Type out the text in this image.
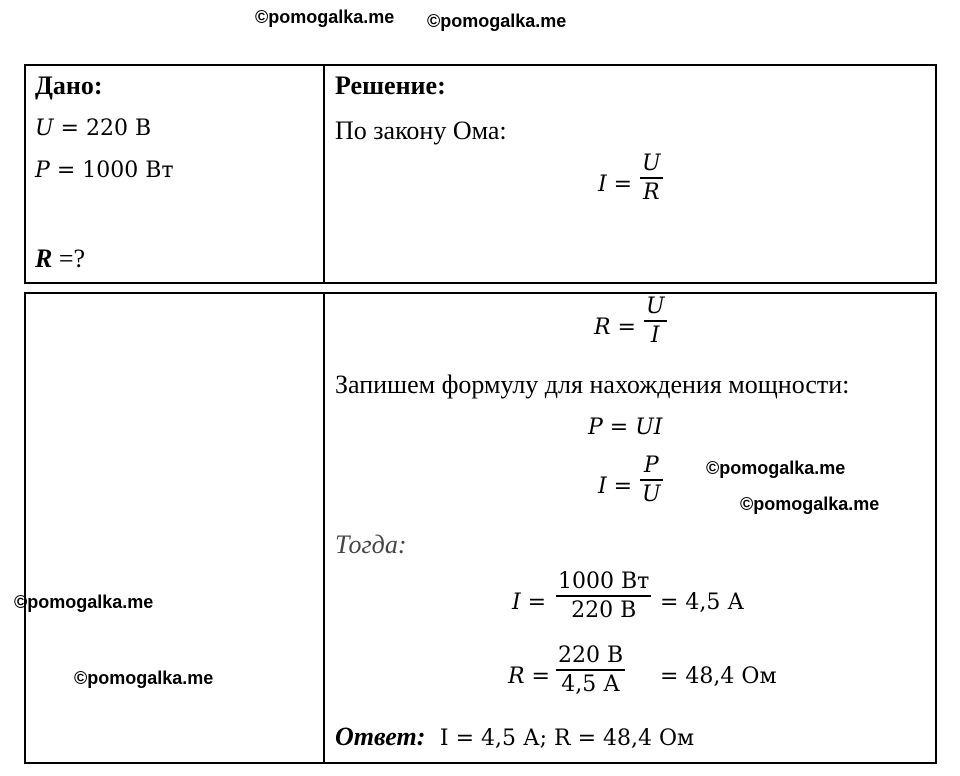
©pomogalka.me ©pomogalka.me
Дано:
U = 220 В
P = 1000 Вт
R =?
Решение:
По закону Ома:
I =
U
R
R =
U
I
Запишем формулу для нахождения мощности:
P = UI
I =
P
U
Тогда:
I =
1000 Вт
220 В = 4,5 А
R =
220 В
4,5 А = 48,4 Ом
Ответ: I = 4,5 А; R = 48,4 Ом
©pomogalka.me
©pomogalka.me
©pomogalka.me
©pomogalka.me
